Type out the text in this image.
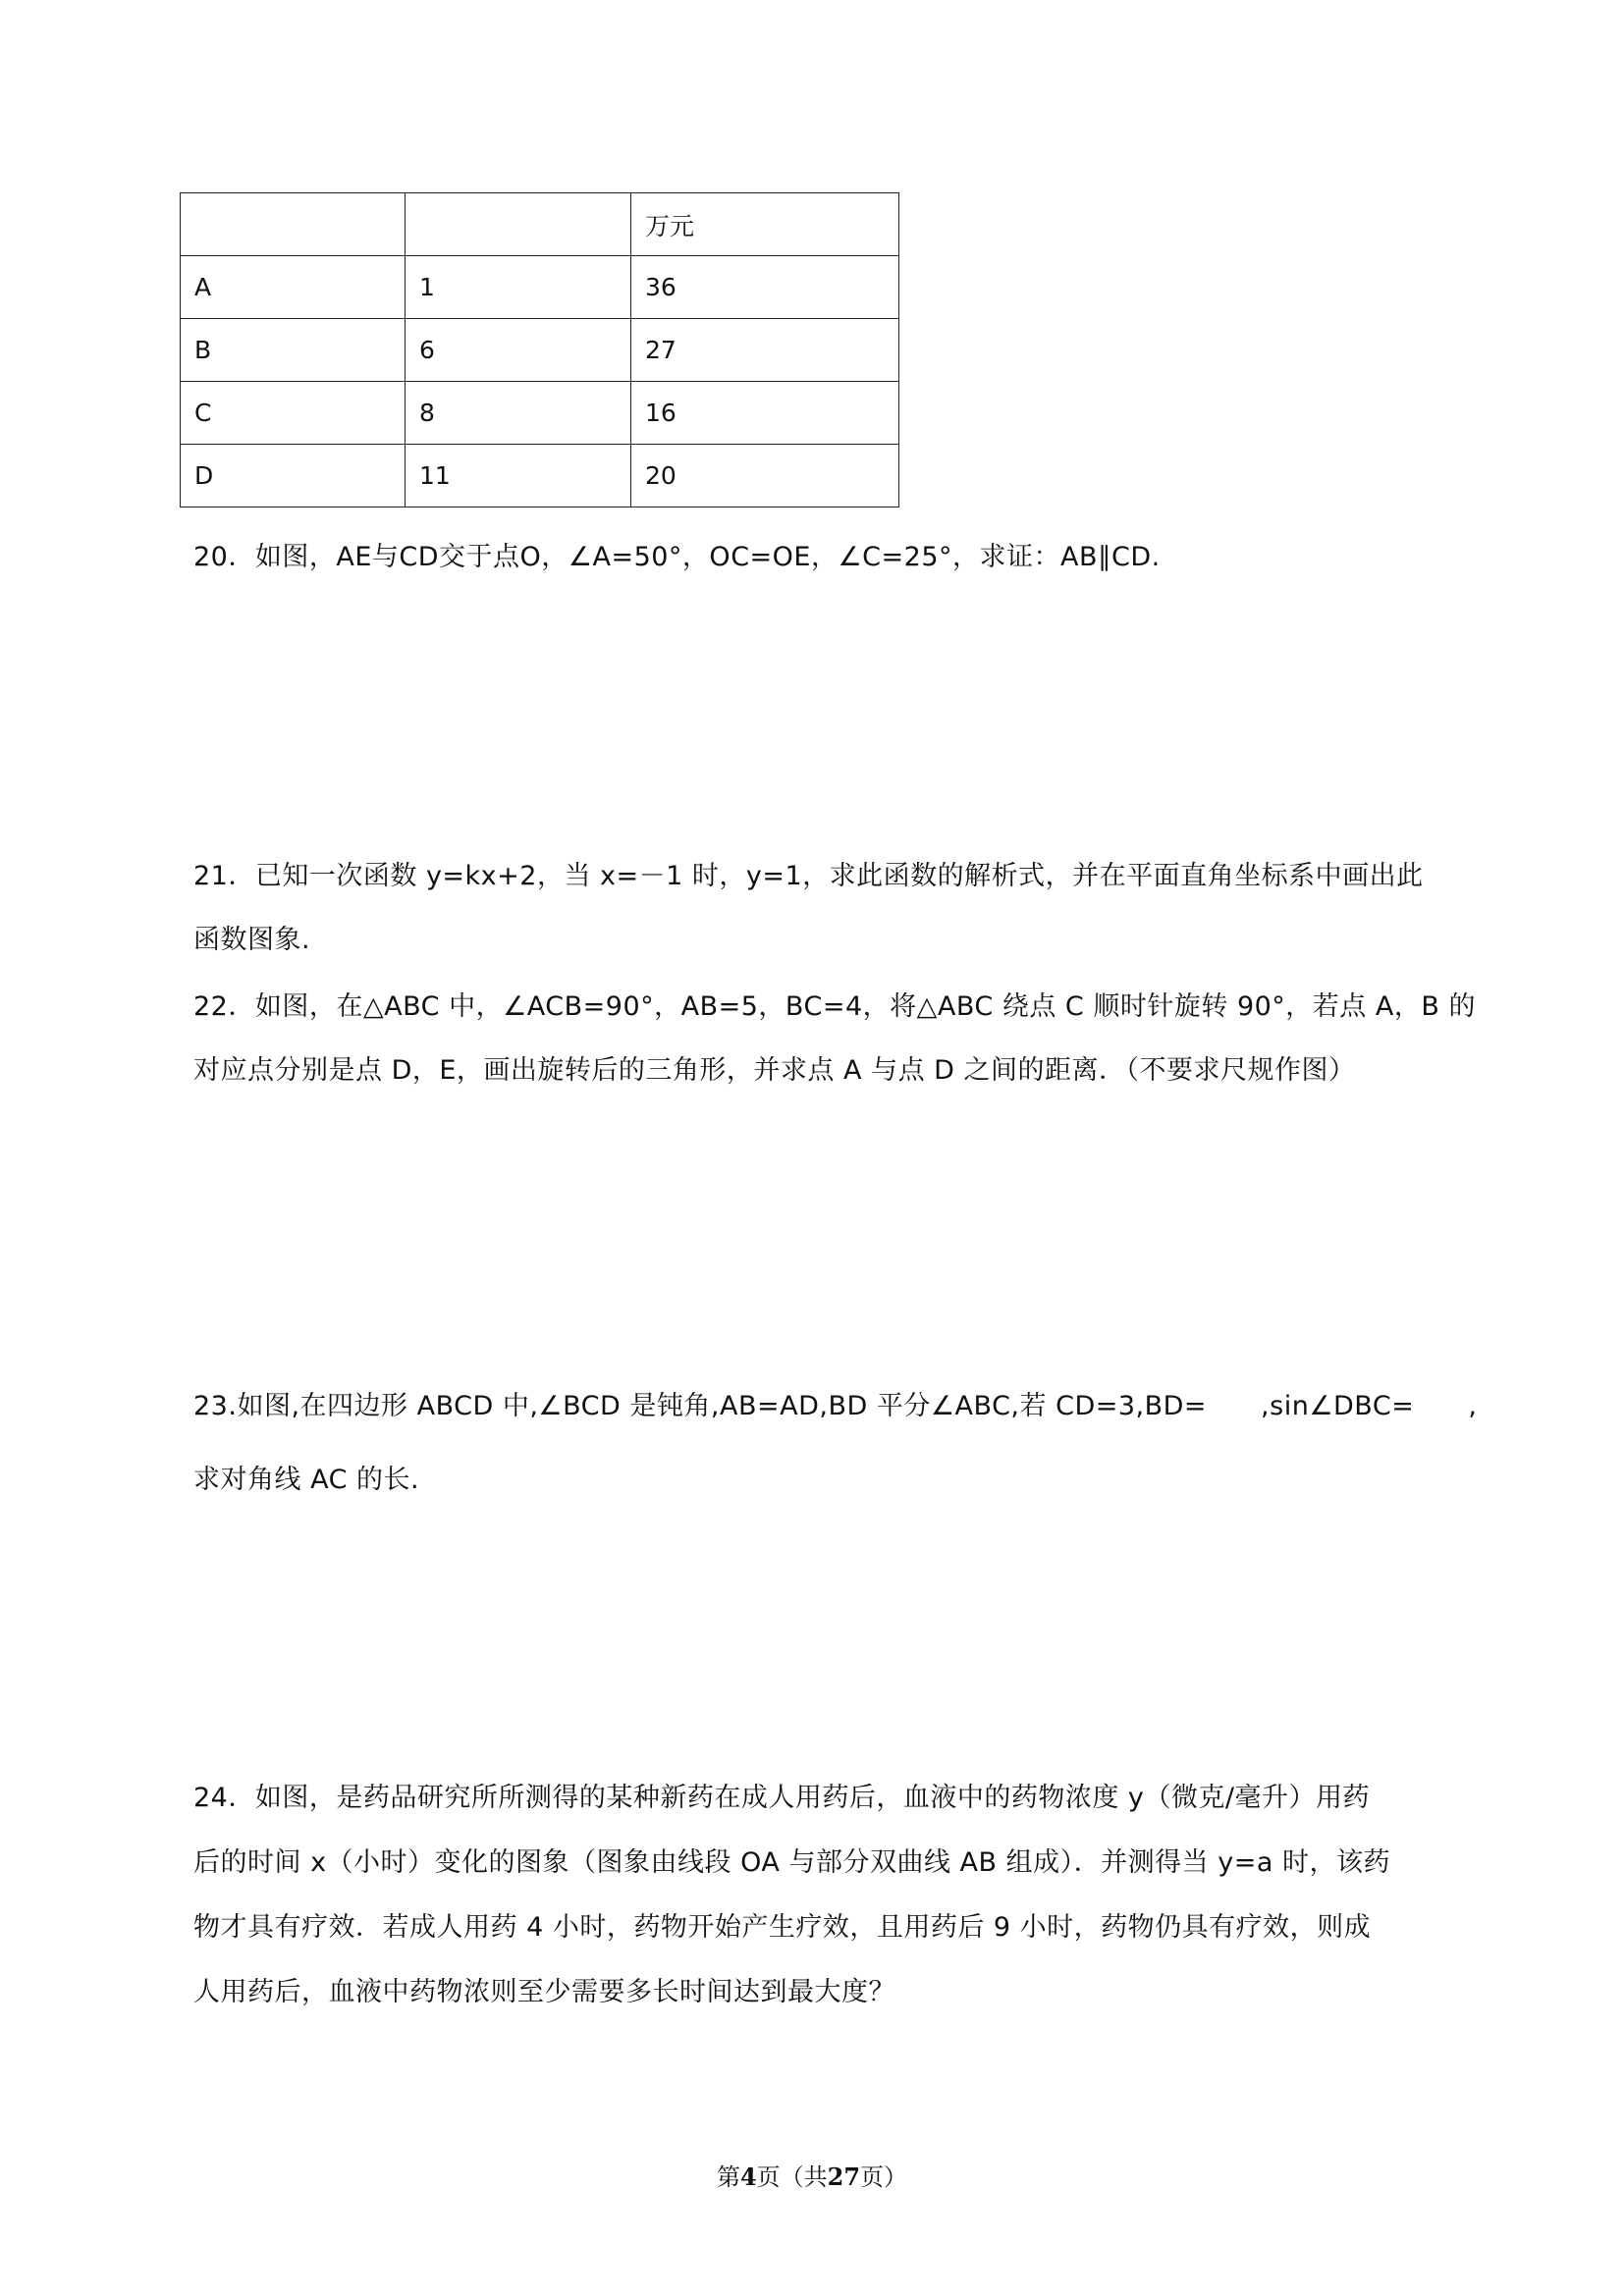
		万元
A	1	36
B	6	27
C	8	16
D	11	20
20．如图，AE与CD交于点O，∠A=50°，OC=OE，∠C=25°，求证：AB∥CD.
21．已知一次函数 y=kx+2，当 x=－1 时，y=1，求此函数的解析式，并在平面直角坐标系中画出此
函数图象.
22．如图，在△ABC 中，∠ACB=90°，AB=5，BC=4，将△ABC 绕点 C 顺时针旋转 90°，若点 A，B 的
对应点分别是点 D，E，画出旋转后的三角形，并求点 A 与点 D 之间的距离．（不要求尺规作图）
23.如图,在四边形 ABCD 中,∠BCD 是钝角,AB=AD,BD 平分∠ABC,若 CD=3,BD=　　,sin∠DBC=　　,
求对角线 AC 的长.
24．如图，是药品研究所所测得的某种新药在成人用药后，血液中的药物浓度 y（微克/毫升）用药
后的时间 x（小时）变化的图象（图象由线段 OA 与部分双曲线 AB 组成）．并测得当 y=a 时，该药
物才具有疗效．若成人用药 4 小时，药物开始产生疗效，且用药后 9 小时，药物仍具有疗效，则成
人用药后，血液中药物浓则至少需要多长时间达到最大度？
第4页（共27页）
